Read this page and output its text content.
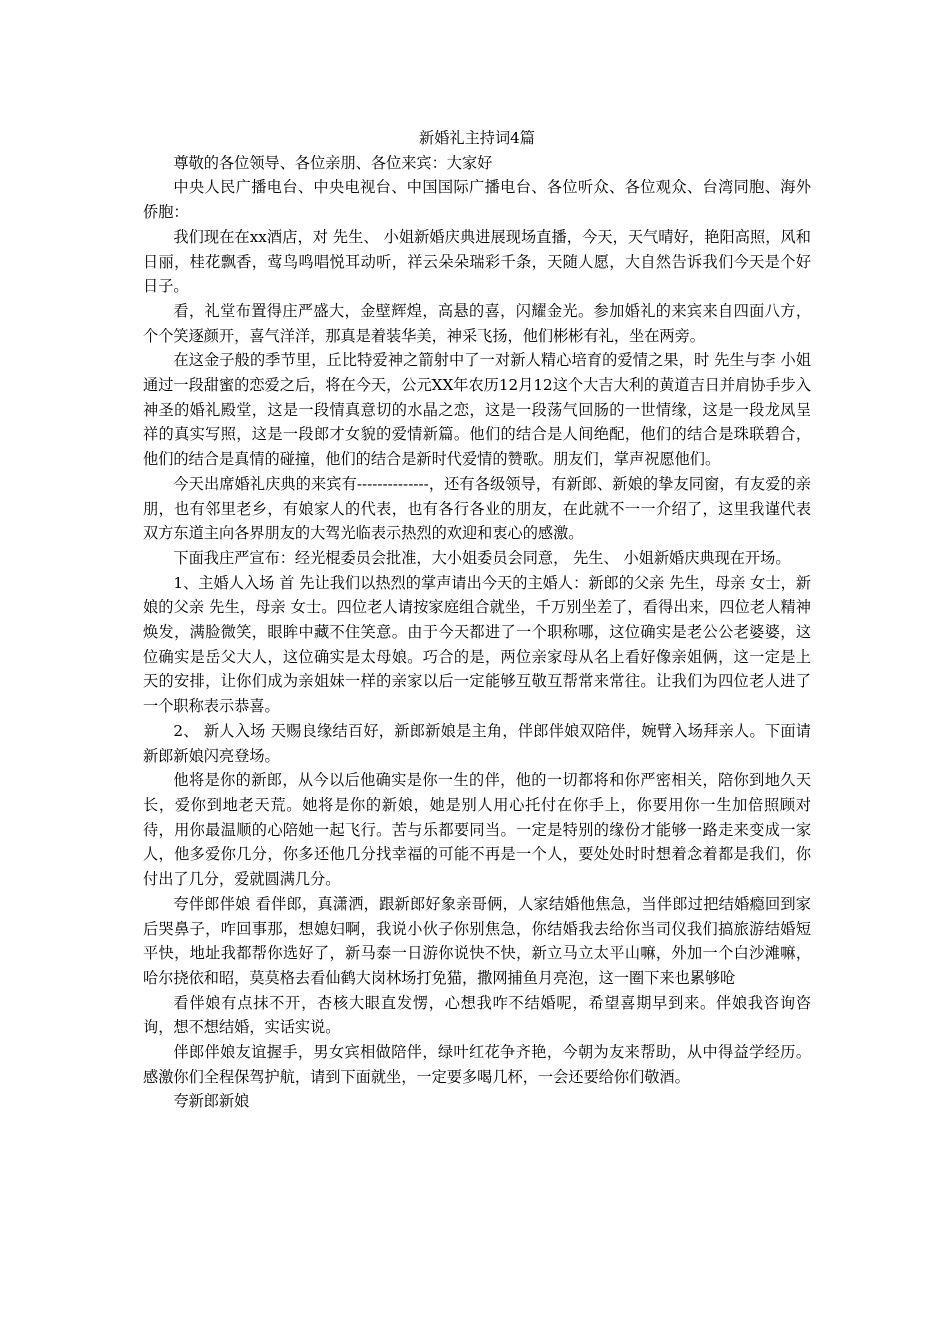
新婚礼主持词4篇

尊敬的各位领导、各位亲朋、各位来宾：大家好

中央人民广播电台、中央电视台、中国国际广播电台、各位听众、各位观众、台湾同胞、海外侨胞：

我们现在在xx酒店，对 先生、 小姐新婚庆典进展现场直播，今天，天气晴好，艳阳高照，风和日丽，桂花飘香，莺鸟鸣唱悦耳动听，祥云朵朵瑞彩千条，天随人愿，大自然告诉我们今天是个好日子。

看，礼堂布置得庄严盛大，金壁辉煌，高悬的喜，闪耀金光。参加婚礼的来宾来自四面八方，个个笑逐颜开，喜气洋洋，那真是着装华美，神采飞扬，他们彬彬有礼，坐在两旁。

在这金子般的季节里，丘比特爱神之箭射中了一对新人精心培育的爱情之果，时 先生与李 小姐通过一段甜蜜的恋爱之后，将在今天，公元XX年农历12月12这个大吉大利的黄道吉日并肩协手步入神圣的婚礼殿堂，这是一段情真意切的水晶之恋，这是一段荡气回肠的一世情缘，这是一段龙凤呈祥的真实写照，这是一段郎才女貌的爱情新篇。他们的结合是人间绝配，他们的结合是珠联碧合，他们的结合是真情的碰撞，他们的结合是新时代爱情的赞歌。朋友们，掌声祝愿他们。

今天出席婚礼庆典的来宾有--------------，还有各级领导，有新郎、新娘的挚友同窗，有友爱的亲朋，也有邻里老乡，有娘家人的代表，也有各行各业的朋友，在此就不一一介绍了，这里我谨代表双方东道主向各界朋友的大驾光临表示热烈的欢迎和衷心的感激。

下面我庄严宣布：经光棍委员会批准，大小姐委员会同意， 先生、 小姐新婚庆典现在开场。

1、主婚人入场 首 先让我们以热烈的掌声请出今天的主婚人：新郎的父亲 先生，母亲 女士，新娘的父亲 先生，母亲 女士。四位老人请按家庭组合就坐，千万别坐差了，看得出来，四位老人精神焕发，满脸微笑，眼眸中藏不住笑意。由于今天都进了一个职称哪，这位确实是老公公老婆婆，这位确实是岳父大人，这位确实是太母娘。巧合的是，两位亲家母从名上看好像亲姐俩，这一定是上天的安排，让你们成为亲姐妹一样的亲家以后一定能够互敬互帮常来常往。让我们为四位老人进了一个职称表示恭喜。

2、 新人入场 天赐良缘结百好，新郎新娘是主角，伴郎伴娘双陪伴，婉臂入场拜亲人。下面请新郎新娘闪亮登场。

他将是你的新郎，从今以后他确实是你一生的伴，他的一切都将和你严密相关，陪你到地久天长，爱你到地老天荒。她将是你的新娘，她是别人用心托付在你手上，你要用你一生加倍照顾对待，用你最温顺的心陪她一起飞行。苦与乐都要同当。一定是特别的缘份才能够一路走来变成一家人，他多爱你几分，你多还他几分找幸福的可能不再是一个人，要处处时时想着念着都是我们，你付出了几分，爱就圆满几分。

夸伴郎伴娘 看伴郎，真潇洒，跟新郎好象亲哥俩，人家结婚他焦急，当伴郎过把结婚瘾回到家后哭鼻子，咋回事那，想媳妇啊，我说小伙子你别焦急，你结婚我去给你当司仪我们搞旅游结婚短平快，地址我都帮你选好了，新马泰一日游你说快不快，新立马立太平山嘛，外加一个白沙滩嘛，哈尔挠依和昭，莫莫格去看仙鹤大岗林场打免猫，撒网捕鱼月亮泡，这一圈下来也累够呛

看伴娘有点抹不开，杏核大眼直发愣，心想我咋不结婚呢，希望喜期早到来。伴娘我咨询咨询，想不想结婚，实话实说。

伴郎伴娘友谊握手，男女宾相做陪伴，绿叶红花争齐艳，今朝为友来帮助，从中得益学经历。感激你们全程保驾护航，请到下面就坐，一定要多喝几杯，一会还要给你们敬酒。

夸新郎新娘
